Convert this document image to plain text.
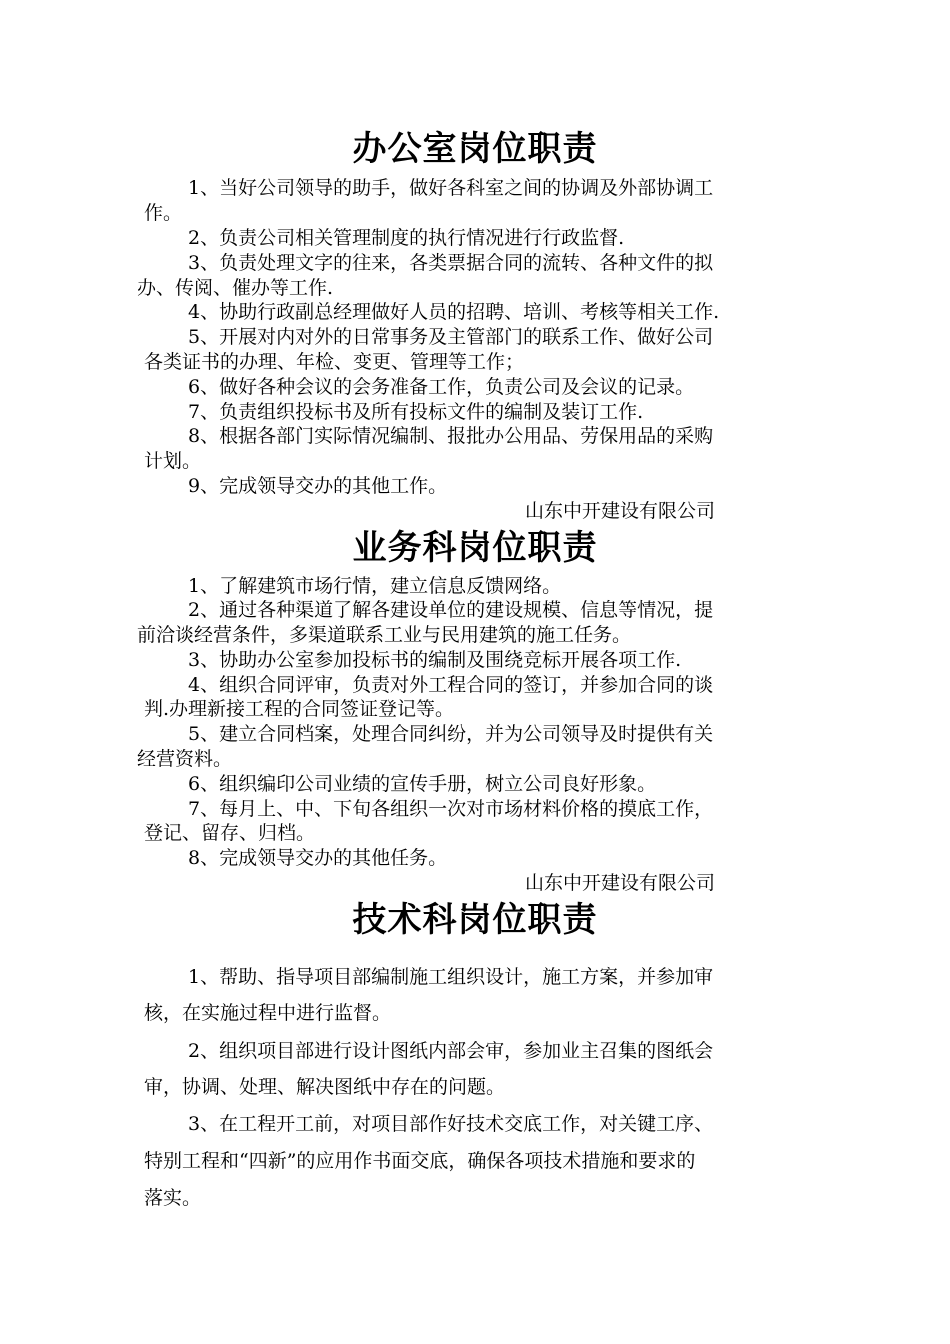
办公室岗位职责
1、当好公司领导的助手，做好各科室之间的协调及外部协调工
作。
2、负责公司相关管理制度的执行情况进行行政监督.
3、负责处理文字的往来，各类票据合同的流转、各种文件的拟
办、传阅、催办等工作.
4、协助行政副总经理做好人员的招聘、培训、考核等相关工作.
5、开展对内对外的日常事务及主管部门的联系工作、做好公司
各类证书的办理、年检、变更、管理等工作；
6、做好各种会议的会务准备工作，负责公司及会议的记录。
7、负责组织投标书及所有投标文件的编制及装订工作.
8、根据各部门实际情况编制、报批办公用品、劳保用品的采购
计划。
9、完成领导交办的其他工作。
山东中开建设有限公司
业务科岗位职责
1、了解建筑市场行情，建立信息反馈网络。
2、通过各种渠道了解各建设单位的建设规模、信息等情况，提
前洽谈经营条件，多渠道联系工业与民用建筑的施工任务。
3、协助办公室参加投标书的编制及围绕竞标开展各项工作.
4、组织合同评审，负责对外工程合同的签订，并参加合同的谈
判.办理新接工程的合同签证登记等。
5、建立合同档案，处理合同纠纷，并为公司领导及时提供有关
经营资料。
6、组织编印公司业绩的宣传手册，树立公司良好形象。
7、每月上、中、下旬各组织一次对市场材料价格的摸底工作，
登记、留存、归档。
8、完成领导交办的其他任务。
山东中开建设有限公司
技术科岗位职责
1、帮助、指导项目部编制施工组织设计，施工方案，并参加审
核，在实施过程中进行监督。
2、组织项目部进行设计图纸内部会审，参加业主召集的图纸会
审，协调、处理、解决图纸中存在的问题。
3、在工程开工前，对项目部作好技术交底工作，对关键工序、
特别工程和“四新”的应用作书面交底，确保各项技术措施和要求的
落实。
